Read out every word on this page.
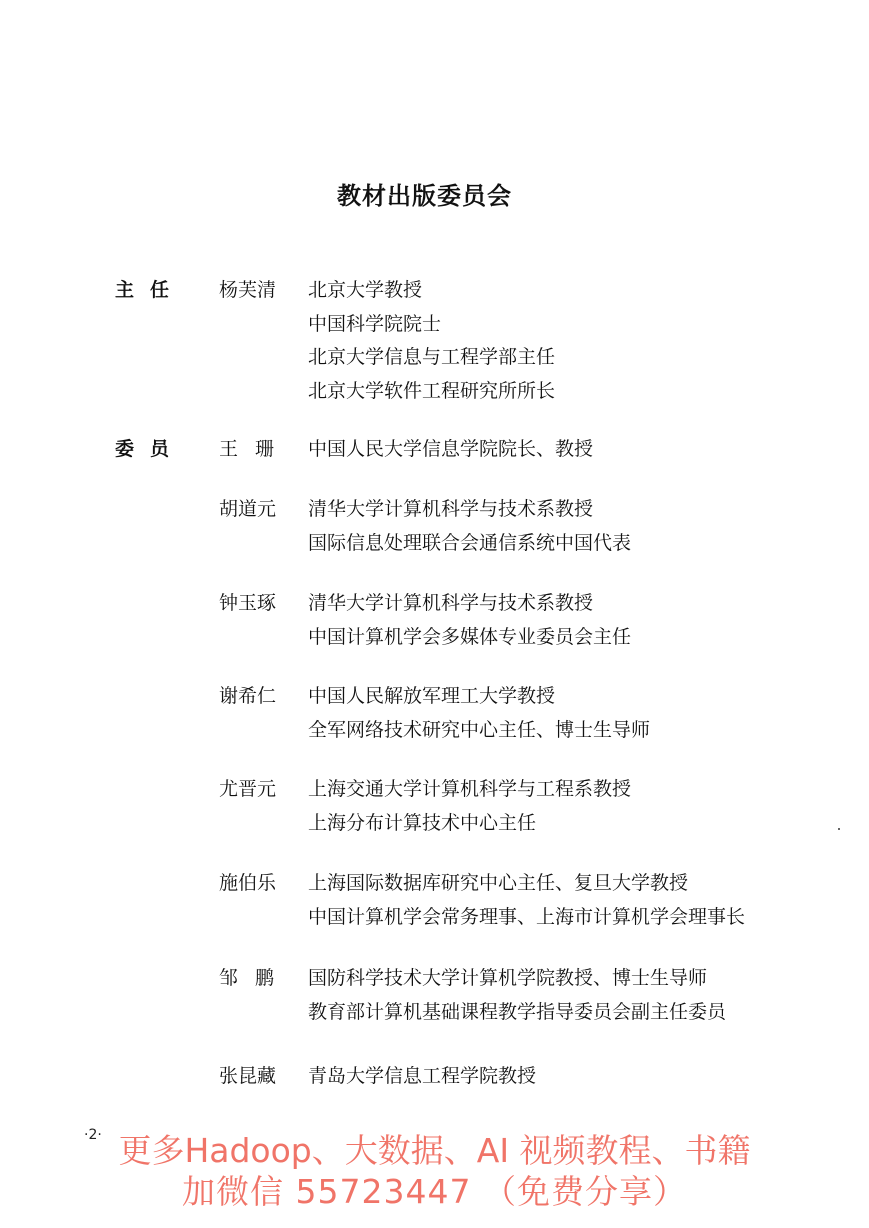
教材出版委员会
主任 杨芙清 北京大学教授
中国科学院院士
北京大学信息与工程学部主任
北京大学软件工程研究所所长
委员 王珊 中国人民大学信息学院院长、教授
胡道元 清华大学计算机科学与技术系教授
国际信息处理联合会通信系统中国代表
钟玉琢 清华大学计算机科学与技术系教授
中国计算机学会多媒体专业委员会主任
谢希仁 中国人民解放军理工大学教授
全军网络技术研究中心主任、博士生导师
尤晋元 上海交通大学计算机科学与工程系教授
上海分布计算技术中心主任
施伯乐 上海国际数据库研究中心主任、复旦大学教授
中国计算机学会常务理事、上海市计算机学会理事长
邹鹏 国防科学技术大学计算机学院教授、博士生导师
教育部计算机基础课程教学指导委员会副主任委员
张昆藏 青岛大学信息工程学院教授
·2· 更多Hadoop、大数据、AI 视频教程、书籍
加微信 55723447 （免费分享）
